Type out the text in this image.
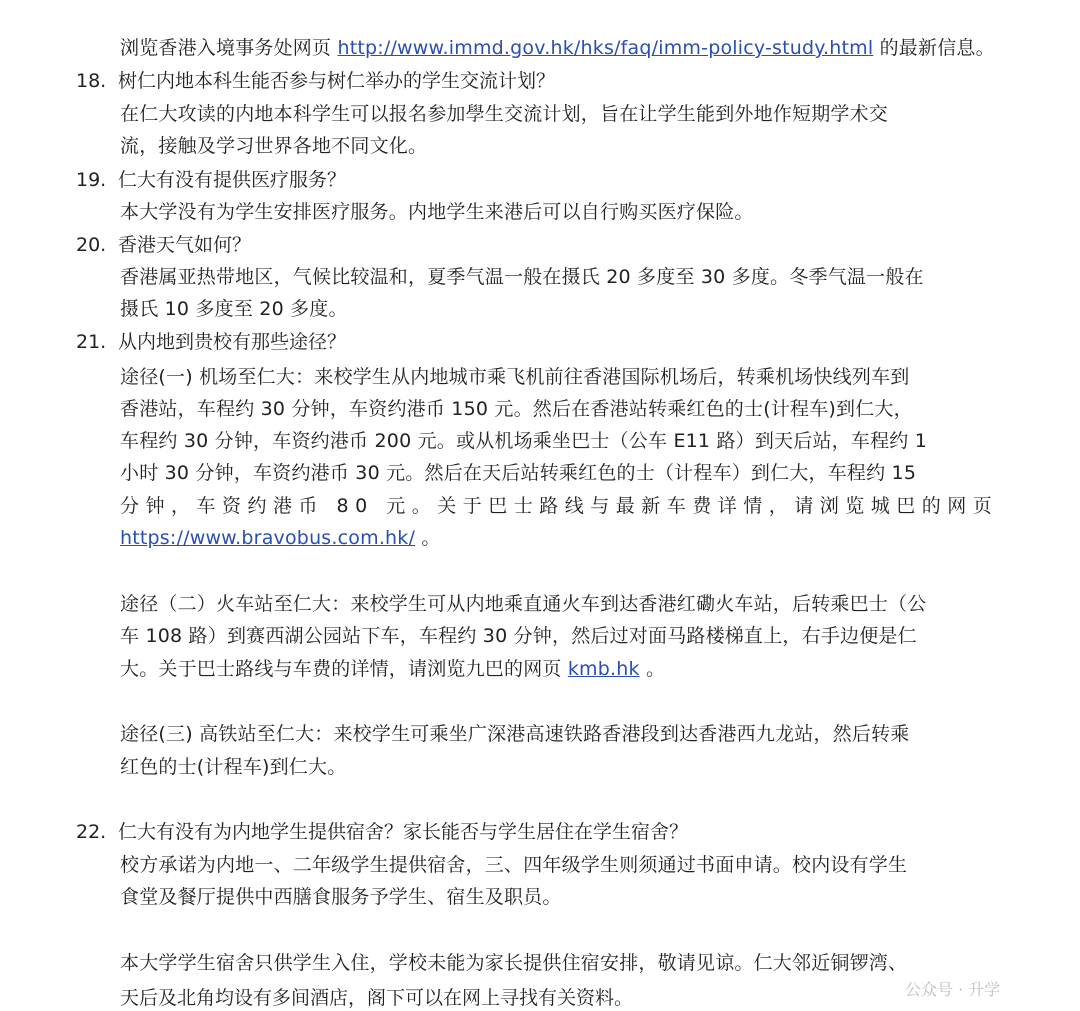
浏览香港入境事务处网页 http://www.immd.gov.hk/hks/faq/imm-policy-study.html 的最新信息。
18. 树仁内地本科生能否参与树仁举办的学生交流计划？
在仁大攻读的内地本科学生可以报名参加學生交流计划，旨在让学生能到外地作短期学术交
流，接触及学习世界各地不同文化。
19. 仁大有没有提供医疗服务？
本大学没有为学生安排医疗服务。内地学生来港后可以自行购买医疗保险。
20. 香港天气如何？
香港属亚热带地区，气候比较温和，夏季气温一般在摄氏 20 多度至 30 多度。冬季气温一般在
摄氏 10 多度至 20 多度。
21. 从内地到贵校有那些途径？
途径(一) 机场至仁大：来校学生从内地城市乘飞机前往香港国际机场后，转乘机场快线列车到
香港站，车程约 30 分钟，车资约港币 150 元。然后在香港站转乘红色的士(计程车)到仁大，
车程约 30 分钟，车资约港币 200 元。或从机场乘坐巴士（公车 E11 路）到天后站，车程约 1
小时 30 分钟，车资约港币 30 元。然后在天后站转乘红色的士（计程车）到仁大，车程约 15
分钟，车资约港币 80 元。关于巴士路线与最新车费详情，请浏览城巴的网页
https://www.bravobus.com.hk/ 。
途径（二）火车站至仁大：来校学生可从内地乘直通火车到达香港红磡火车站，后转乘巴士（公
车 108 路）到赛西湖公园站下车，车程约 30 分钟，然后过对面马路楼梯直上，右手边便是仁
大。关于巴士路线与车费的详情，请浏览九巴的网页 kmb.hk 。
途径(三) 高铁站至仁大：来校学生可乘坐广深港高速铁路香港段到达香港西九龙站，然后转乘
红色的士(计程车)到仁大。
22. 仁大有没有为内地学生提供宿舍？家长能否与学生居住在学生宿舍？
校方承诺为内地一、二年级学生提供宿舍，三、四年级学生则须通过书面申请。校内设有学生
食堂及餐厅提供中西膳食服务予学生、宿生及职员。
本大学学生宿舍只供学生入住，学校未能为家长提供住宿安排，敬请见谅。仁大邻近铜锣湾、
天后及北角均设有多间酒店，阁下可以在网上寻找有关资料。	公众号 · 升学
